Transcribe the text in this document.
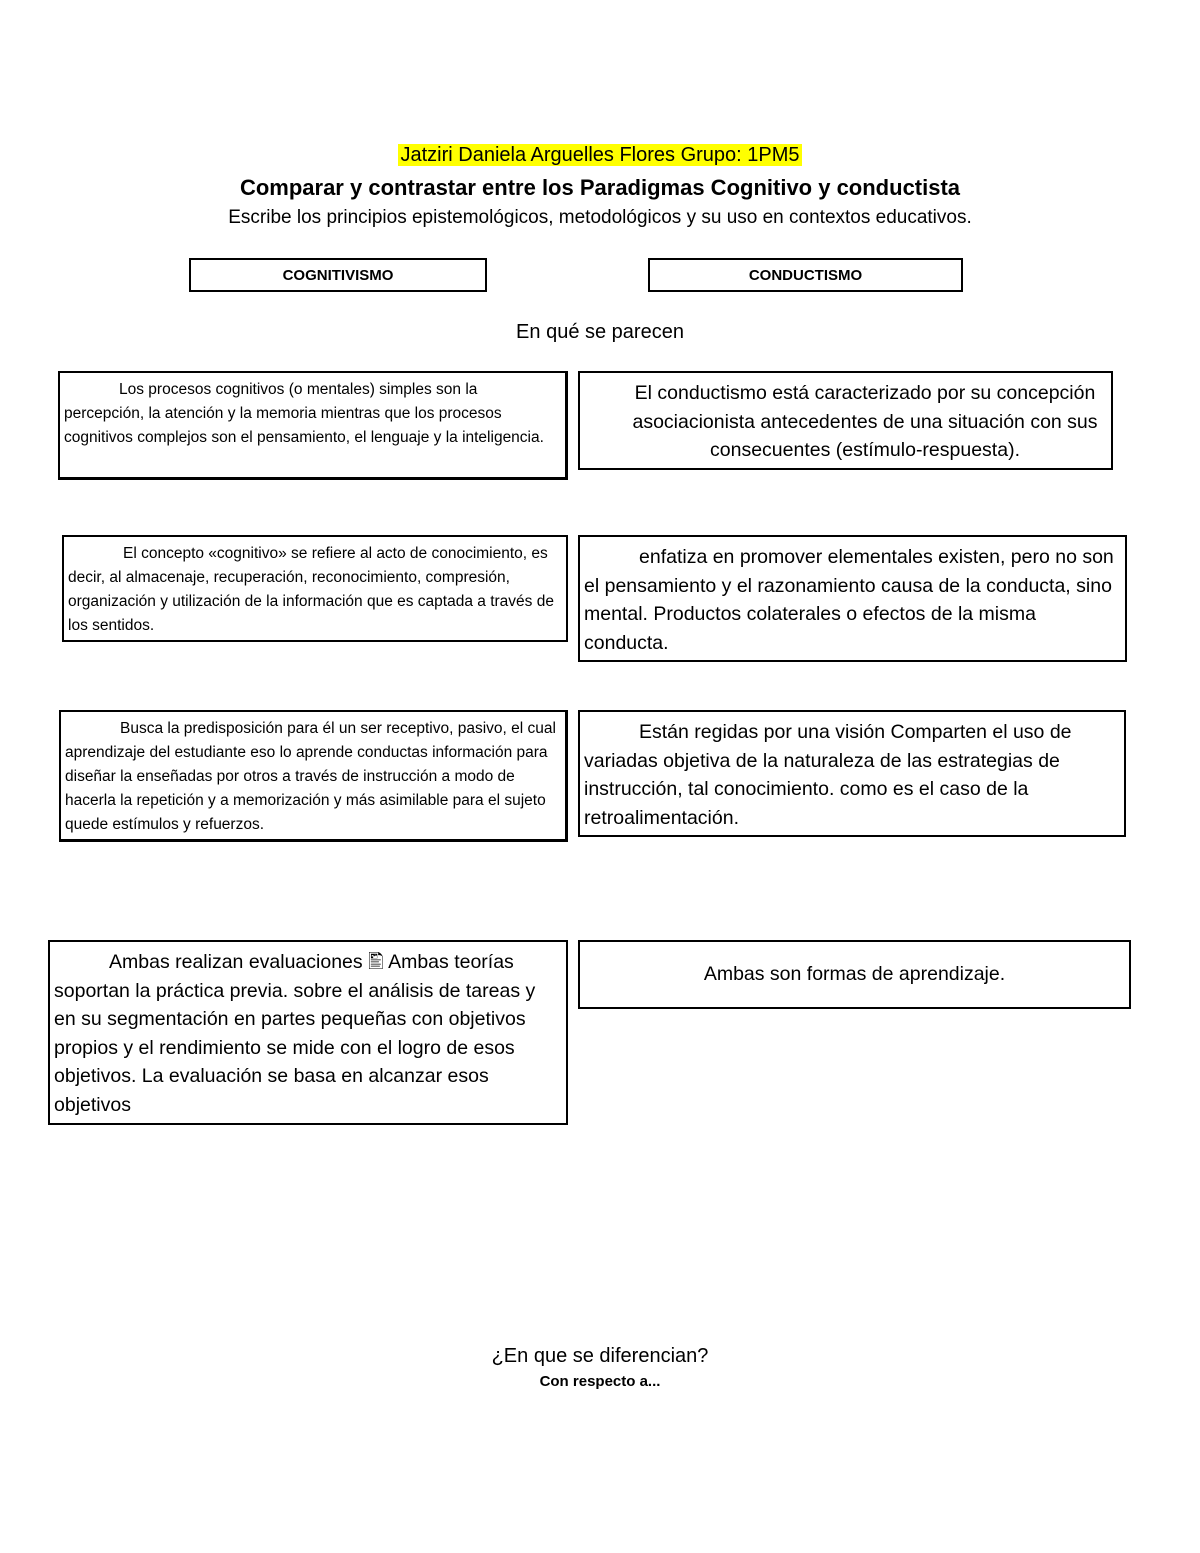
Jatziri Daniela Arguelles Flores Grupo: 1PM5
Comparar y contrastar entre los Paradigmas Cognitivo y conductista
Escribe los principios epistemológicos, metodológicos y su uso en contextos educativos.
COGNITIVISMO	CONDUCTISMO
En qué se parecen
Los procesos cognitivos (o mentales) simples son la percepción, la atención y la memoria mientras que los procesos cognitivos complejos son el pensamiento, el lenguaje y la inteligencia.
El conductismo está caracterizado por su concepción asociacionista antecedentes de una situación con sus consecuentes (estímulo-respuesta).
El concepto «cognitivo» se refiere al acto de conocimiento, es decir, al almacenaje, recuperación, reconocimiento, compresión, organización y utilización de la información que es captada a través de los sentidos.
enfatiza en promover elementales existen, pero no son el pensamiento y el razonamiento causa de la conducta, sino mental. Productos colaterales o efectos de la misma conducta.
Busca la predisposición para él un ser receptivo, pasivo, el cual aprendizaje del estudiante eso lo aprende conductas información para diseñar la enseñadas por otros a través de instrucción a modo de hacerla la repetición y a memorización y más asimilable para el sujeto quede estímulos y refuerzos.
Están regidas por una visión Comparten el uso de variadas objetiva de la naturaleza de las estrategias de instrucción, tal conocimiento. como es el caso de la retroalimentación.
Ambas realizan evaluaciones 🖺 Ambas teorías soportan la práctica previa. sobre el análisis de tareas y en su segmentación en partes pequeñas con objetivos propios y el rendimiento se mide con el logro de esos objetivos. La evaluación se basa en alcanzar esos objetivos
Ambas son formas de aprendizaje.
¿En que se diferencian?
Con respecto a...
